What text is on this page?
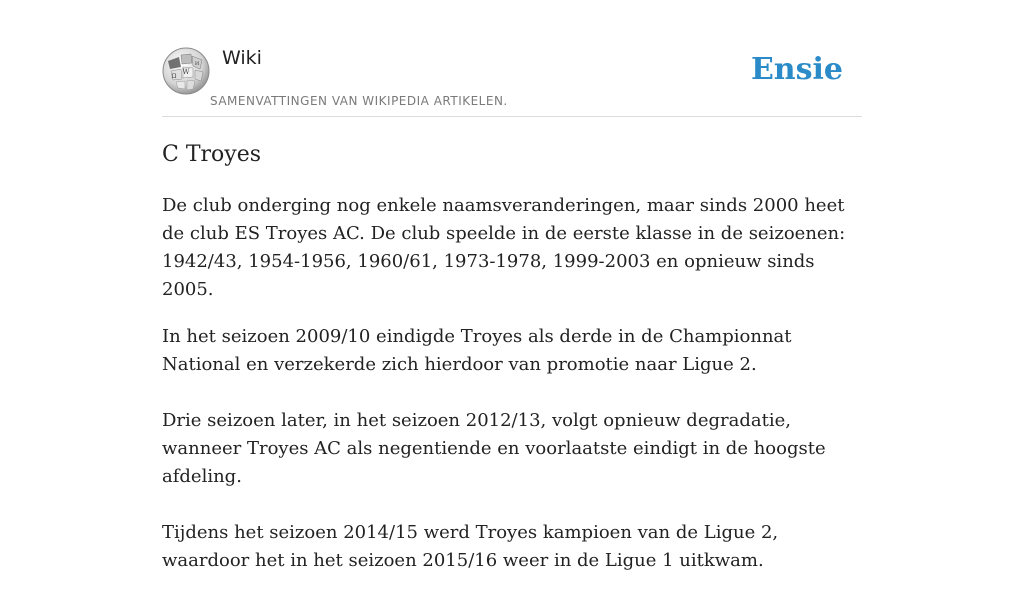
W
Ω
И Wiki
SAMENVATTINGEN VAN WIKIPEDIA ARTIKELEN.
Ensie
C Troyes

De club onderging nog enkele naamsveranderingen, maar sinds 2000 heet de club ES Troyes AC. De club speelde in de eerste klasse in de seizoenen: 1942/43, 1954-1956, 1960/61, 1973-1978, 1999-2003 en opnieuw sinds 2005.

In het seizoen 2009/10 eindigde Troyes als derde in de Championnat National en verzekerde zich hierdoor van promotie naar Ligue 2.

Drie seizoen later, in het seizoen 2012/13, volgt opnieuw degradatie, wanneer Troyes AC als negentiende en voorlaatste eindigt in de hoogste afdeling.

Tijdens het seizoen 2014/15 werd Troyes kampioen van de Ligue 2, waardoor het in het seizoen 2015/16 weer in de Ligue 1 uitkwam.
